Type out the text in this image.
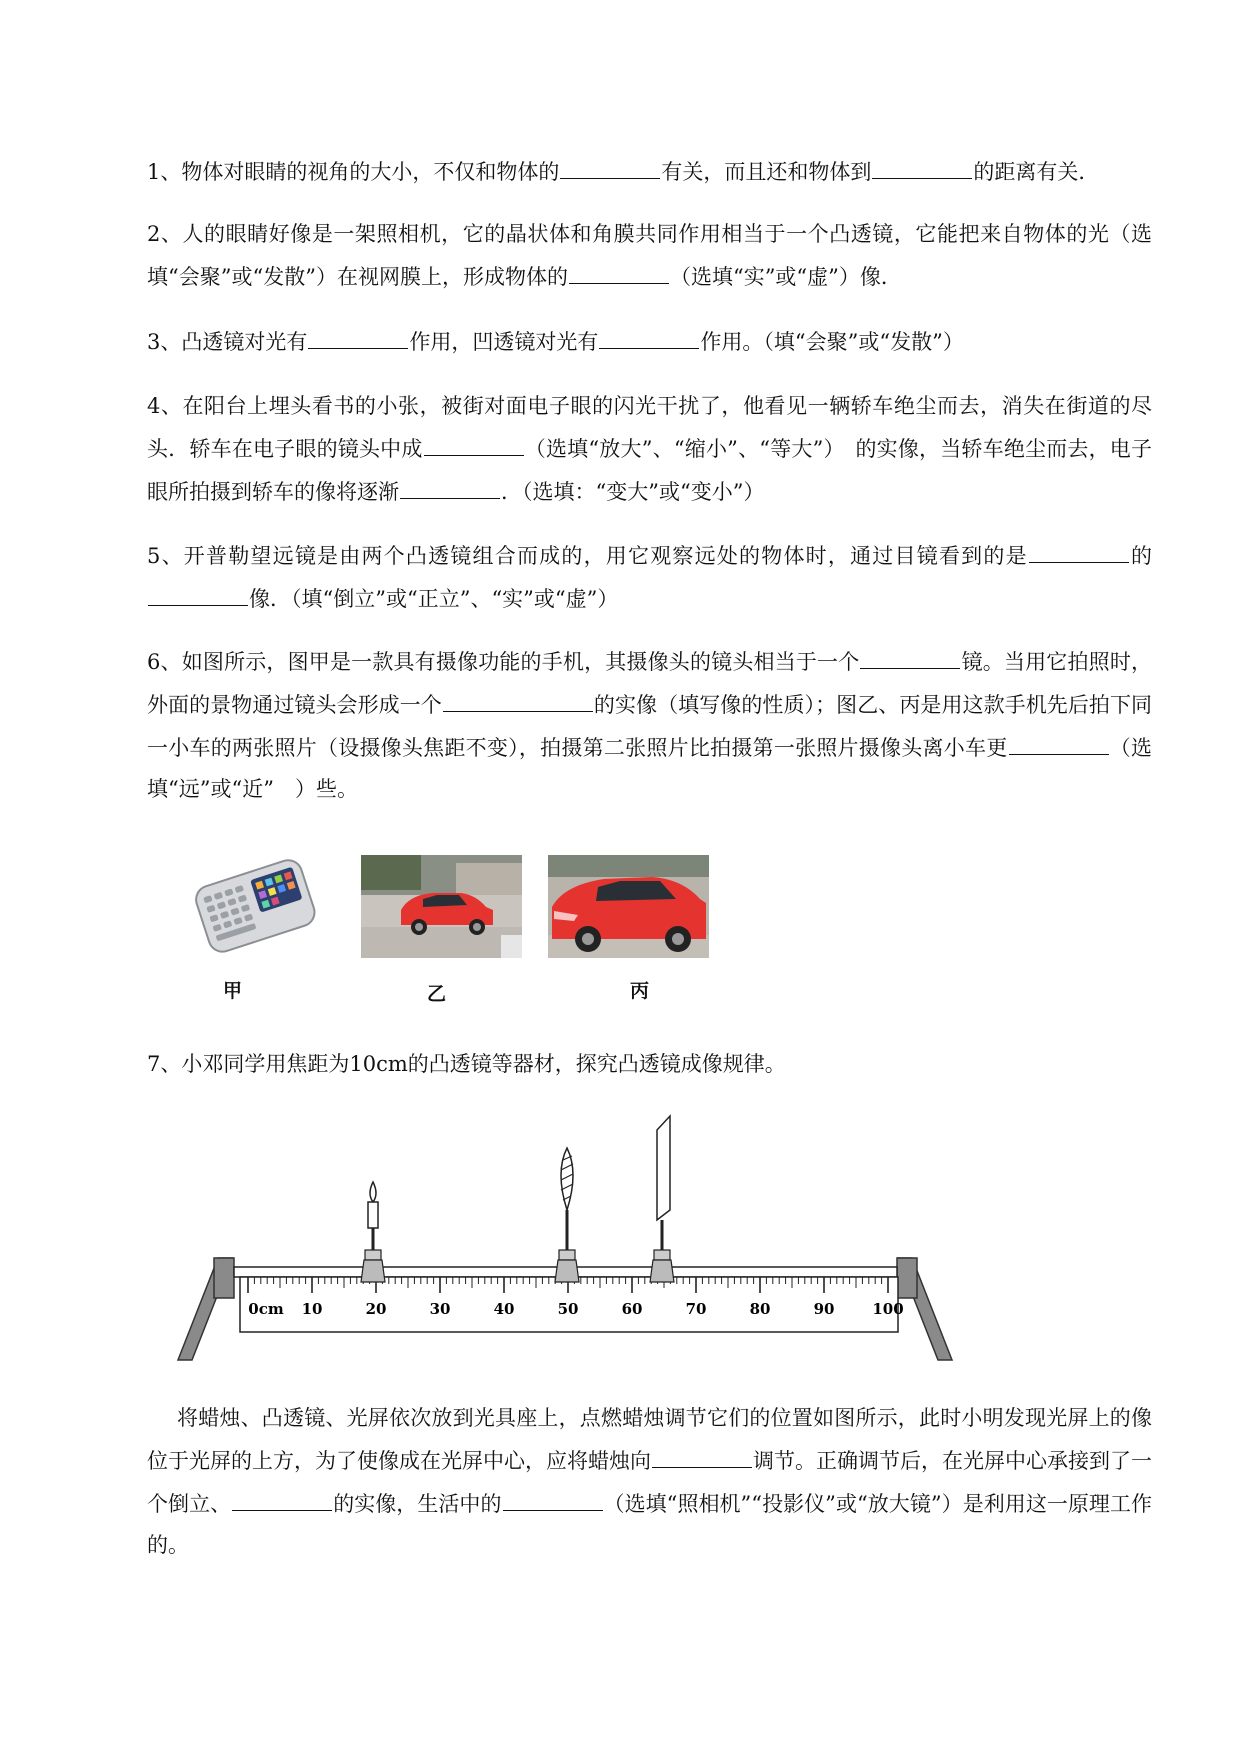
1、物体对眼睛的视角的大小，不仅和物体的	有关，而且还和物体到	的距离有关．

2、人的眼睛好像是一架照相机，它的晶状体和角膜共同作用相当于一个凸透镜，它能把来自物体的光（选填“会聚”或“发散”）在视网膜上，形成物体的	（选填“实”或“虚”）像．

3、凸透镜对光有	作用，凹透镜对光有	作用。（填“会聚”或“发散”）

4、在阳台上埋头看书的小张，被街对面电子眼的闪光干扰了，他看见一辆轿车绝尘而去，消失在街道的尽头．轿车在电子眼的镜头中成	（选填“放大”、“缩小”、“等大”）　的实像，当轿车绝尘而去，电子眼所拍摄到轿车的像将逐渐	．（选填：“变大”或“变小”）

5、开普勒望远镜是由两个凸透镜组合而成的，用它观察远处的物体时，通过目镜看到的是	的像．（填“倒立”或“正立”、“实”或“虚”）

6、如图所示，图甲是一款具有摄像功能的手机，其摄像头的镜头相当于一个	镜。当用它拍照时，外面的景物通过镜头会形成一个	的实像（填写像的性质）；图乙、丙是用这款手机先后拍下同一小车的两张照片（设摄像头焦距不变），拍摄第二张照片比拍摄第一张照片摄像头离小车更	（选填“远”或“近”　）些。

甲	乙	丙

7、小邓同学用焦距为10cm的凸透镜等器材，探究凸透镜成像规律。

0cm 10	20	30	40	50	60	70	80	90	100

将蜡烛、凸透镜、光屏依次放到光具座上，点燃蜡烛调节它们的位置如图所示，此时小明发现光屏上的像位于光屏的上方，为了使像成在光屏中心，应将蜡烛向	调节。正确调节后，在光屏中心承接到了一个倒立、	的实像，生活中的	（选填“照相机”“投影仪”或“放大镜”）是利用这一原理工作的。
